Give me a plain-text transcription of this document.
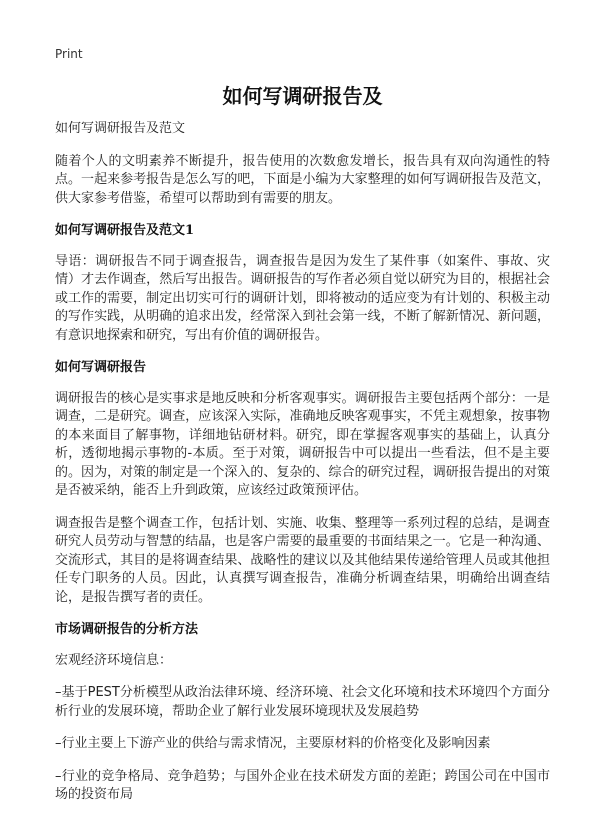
Print
如何写调研报告及

如何写调研报告及范文

随着个人的文明素养不断提升，报告使用的次数愈发增长，报告具有双向沟通性的特点。一起来参考报告是怎么写的吧，下面是小编为大家整理的如何写调研报告及范文，供大家参考借鉴，希望可以帮助到有需要的朋友。

如何写调研报告及范文1

导语：调研报告不同于调查报告，调查报告是因为发生了某件事（如案件、事故、灾情）才去作调查，然后写出报告。调研报告的写作者必须自觉以研究为目的，根据社会或工作的需要，制定出切实可行的调研计划，即将被动的适应变为有计划的、积极主动的写作实践，从明确的追求出发，经常深入到社会第一线，不断了解新情况、新问题，有意识地探索和研究，写出有价值的调研报告。

如何写调研报告

调研报告的核心是实事求是地反映和分析客观事实。调研报告主要包括两个部分：一是调查，二是研究。调查，应该深入实际，准确地反映客观事实，不凭主观想象，按事物的本来面目了解事物，详细地钻研材料。研究，即在掌握客观事实的基础上，认真分析，透彻地揭示事物的-本质。至于对策，调研报告中可以提出一些看法，但不是主要的。因为，对策的制定是一个深入的、复杂的、综合的研究过程，调研报告提出的对策是否被采纳，能否上升到政策，应该经过政策预评估。

调查报告是整个调查工作，包括计划、实施、收集、整理等一系列过程的总结，是调查研究人员劳动与智慧的结晶，也是客户需要的最重要的书面结果之一。它是一种沟通、交流形式，其目的是将调查结果、战略性的建议以及其他结果传递给管理人员或其他担任专门职务的人员。因此，认真撰写调查报告，准确分析调查结果，明确给出调查结论，是报告撰写者的责任。

市场调研报告的分析方法

宏观经济环境信息：

–基于PEST分析模型从政治法律环境、经济环境、社会文化环境和技术环境四个方面分析行业的发展环境，帮助企业了解行业发展环境现状及发展趋势

–行业主要上下游产业的供给与需求情况，主要原材料的价格变化及影响因素

–行业的竞争格局、竞争趋势；与国外企业在技术研发方面的差距；跨国公司在中国市场的投资布局
